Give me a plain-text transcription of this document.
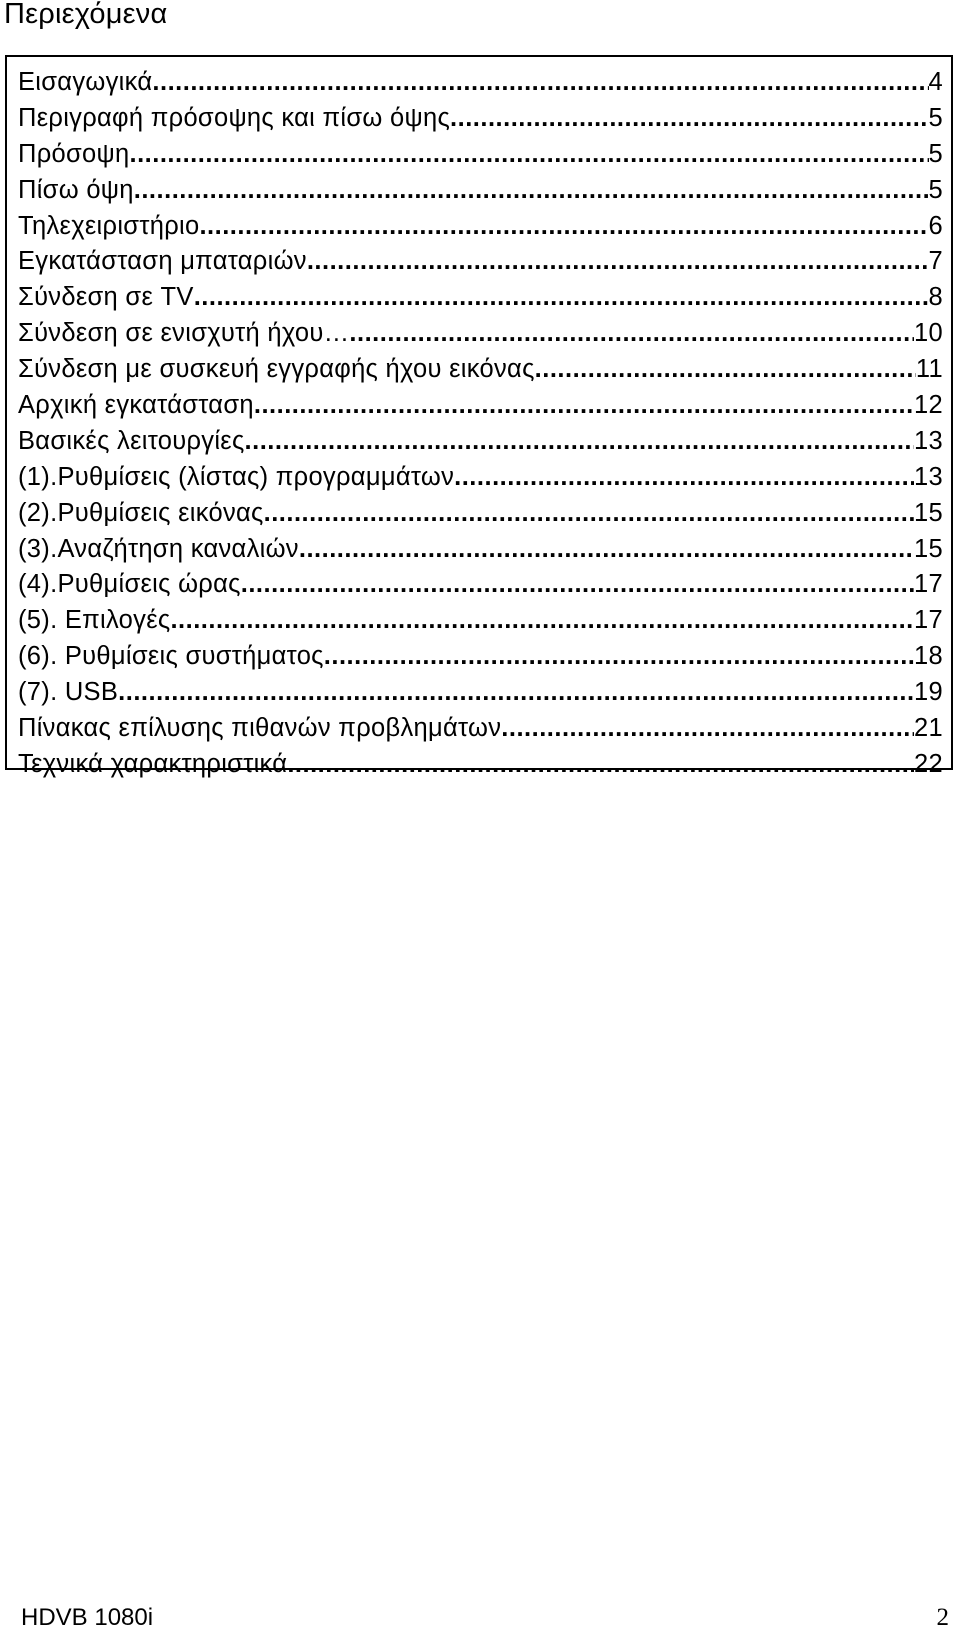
Περιεχόμενα
Εισαγωγικά .....	4
Περιγραφή πρόσοψης και πίσω όψης .....	5
Πρόσοψη .....	5
Πίσω όψη .....	5
Τηλεχειριστήριο .....	6
Εγκατάσταση μπαταριών .....	7
Σύνδεση σε TV .....	8
Σύνδεση σε ενισχυτή ήχου… .....	10
Σύνδεση με συσκευή εγγραφής ήχου εικόνας .....	11
Αρχική εγκατάσταση .....	12
Βασικές λειτουργίες .....	13
(1).Ρυθμίσεις (λίστας) προγραμμάτων .....	13
(2).Ρυθμίσεις εικόνας .....	15
(3).Αναζήτηση καναλιών .....	15
(4).Ρυθμίσεις ώρας .....	17
(5). Επιλογές .....	17
(6). Ρυθμίσεις συστήματος .....	18
(7). USB .....	19
Πίνακας επίλυσης πιθανών προβλημάτων .....	21
Τεχνικά χαρακτηριστικά .....	22
HDVB 1080i	2
